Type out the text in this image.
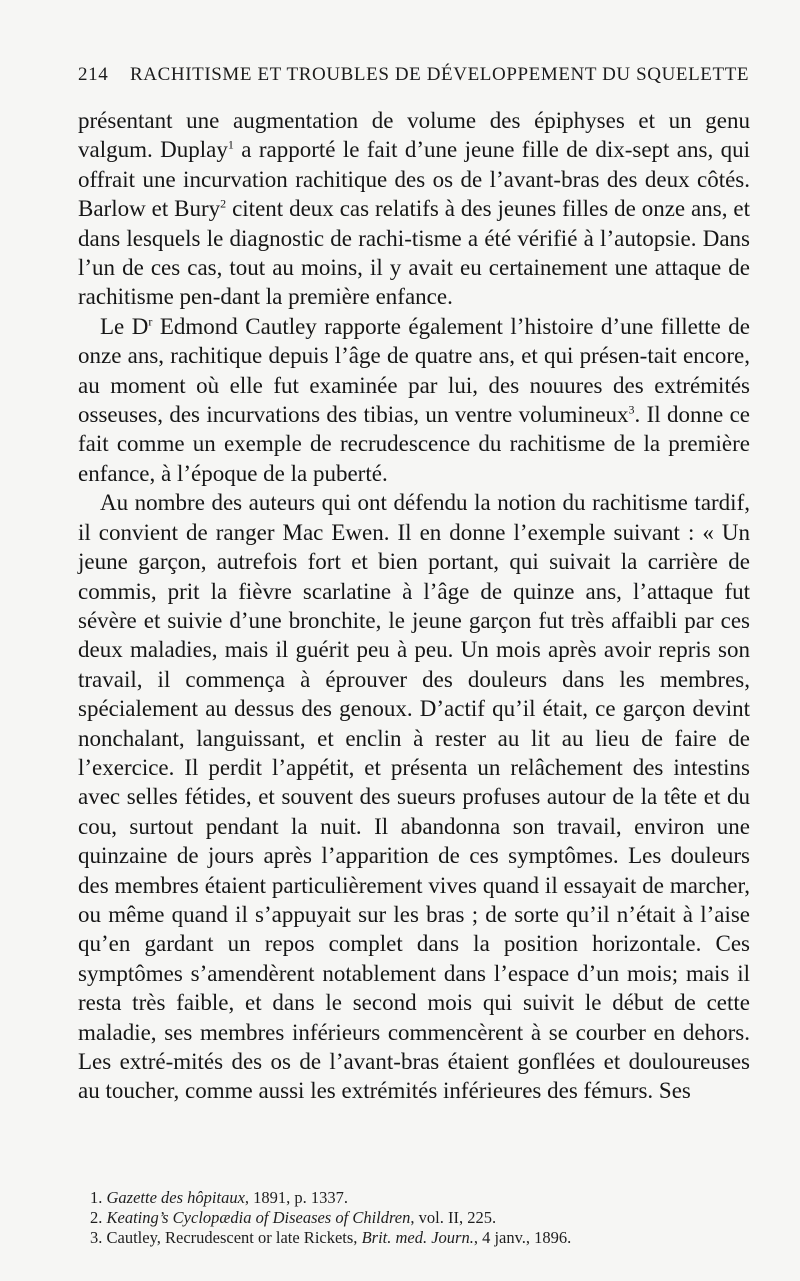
214 RACHITISME ET TROUBLES DE DÉVELOPPEMENT DU SQUELETTE

présentant une augmentation de volume des épiphyses et un genu valgum. Duplay$^1$ a rapporté le fait d’une jeune fille de dix-sept ans, qui offrait une incurvation rachitique des os de l’avant-bras des deux côtés. Barlow et Bury$^2$ citent deux cas relatifs à des jeunes filles de onze ans, et dans lesquels le diagnostic de rachi-tisme a été vérifié à l’autopsie. Dans l’un de ces cas, tout au moins, il y avait eu certainement une attaque de rachitisme pen-dant la première enfance.

Le D$^r$ Edmond Cautley rapporte également l’histoire d’une fillette de onze ans, rachitique depuis l’âge de quatre ans, et qui présen-tait encore, au moment où elle fut examinée par lui, des nouures des extrémités osseuses, des incurvations des tibias, un ventre volumineux$^3$. Il donne ce fait comme un exemple de recrudescence du rachitisme de la première enfance, à l’époque de la puberté.

Au nombre des auteurs qui ont défendu la notion du rachitisme tardif, il convient de ranger Mac Ewen. Il en donne l’exemple suivant : « Un jeune garçon, autrefois fort et bien portant, qui suivait la carrière de commis, prit la fièvre scarlatine à l’âge de quinze ans, l’attaque fut sévère et suivie d’une bronchite, le jeune garçon fut très affaibli par ces deux maladies, mais il guérit peu à peu. Un mois après avoir repris son travail, il commença à éprouver des douleurs dans les membres, spécialement au dessus des genoux. D’actif qu’il était, ce garçon devint nonchalant, languissant, et enclin à rester au lit au lieu de faire de l’exercice. Il perdit l’appétit, et présenta un relâchement des intestins avec selles fétides, et souvent des sueurs profuses autour de la tête et du cou, surtout pendant la nuit. Il abandonna son travail, environ une quinzaine de jours après l’apparition de ces symptômes. Les douleurs des membres étaient particulièrement vives quand il essayait de marcher, ou même quand il s’appuyait sur les bras ; de sorte qu’il n’était à l’aise qu’en gardant un repos complet dans la position horizontale. Ces symptômes s’amendèrent notablement dans l’espace d’un mois; mais il resta très faible, et dans le second mois qui suivit le début de cette maladie, ses membres inférieurs commencèrent à se courber en dehors. Les extré-mités des os de l’avant-bras étaient gonflées et douloureuses au toucher, comme aussi les extrémités inférieures des fémurs. Ses

1. Gazette des hôpitaux, 1891, p. 1337.
2. Keating’s Cyclopædia of Diseases of Children, vol. II, 225.
3. Cautley, Recrudescent or late Rickets, Brit. med. Journ., 4 janv., 1896.
